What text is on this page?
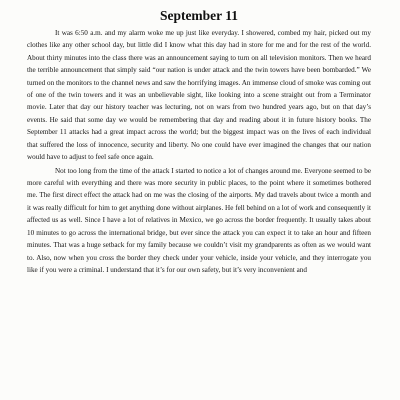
September 11

It was 6:50 a.m. and my alarm woke me up just like everyday. I showered, combed my hair, picked out my clothes like any other school day, but little did I know what this day had in store for me and for the rest of the world. About thirty minutes into the class there was an announcement saying to turn on all television monitors. Then we heard the terrible announcement that simply said “our nation is under attack and the twin towers have been bombarded.” We turned on the monitors to the channel news and saw the horrifying images. An immense cloud of smoke was coming out of one of the twin towers and it was an unbelievable sight, like looking into a scene straight out from a Terminator movie. Later that day our history teacher was lecturing, not on wars from two hundred years ago, but on that day’s events. He said that some day we would be remembering that day and reading about it in future history books. The September 11 attacks had a great impact across the world; but the biggest impact was on the lives of each individual that suffered the loss of innocence, security and liberty. No one could have ever imagined the changes that our nation would have to adjust to feel safe once again.

Not too long from the time of the attack I started to notice a lot of changes around me. Everyone seemed to be more careful with everything and there was more security in public places, to the point where it sometimes bothered me. The first direct effect the attack had on me was the closing of the airports. My dad travels about twice a month and it was really difficult for him to get anything done without airplanes. He fell behind on a lot of work and consequently it affected us as well. Since I have a lot of relatives in Mexico, we go across the border frequently. It usually takes about 10 minutes to go across the international bridge, but ever since the attack you can expect it to take an hour and fifteen minutes. That was a huge setback for my family because we couldn’t visit my grandparents as often as we would want to. Also, now when you cross the border they check under your vehicle, inside your vehicle, and they interrogate you like if you were a criminal. I understand that it’s for our own safety, but it’s very inconvenient and
